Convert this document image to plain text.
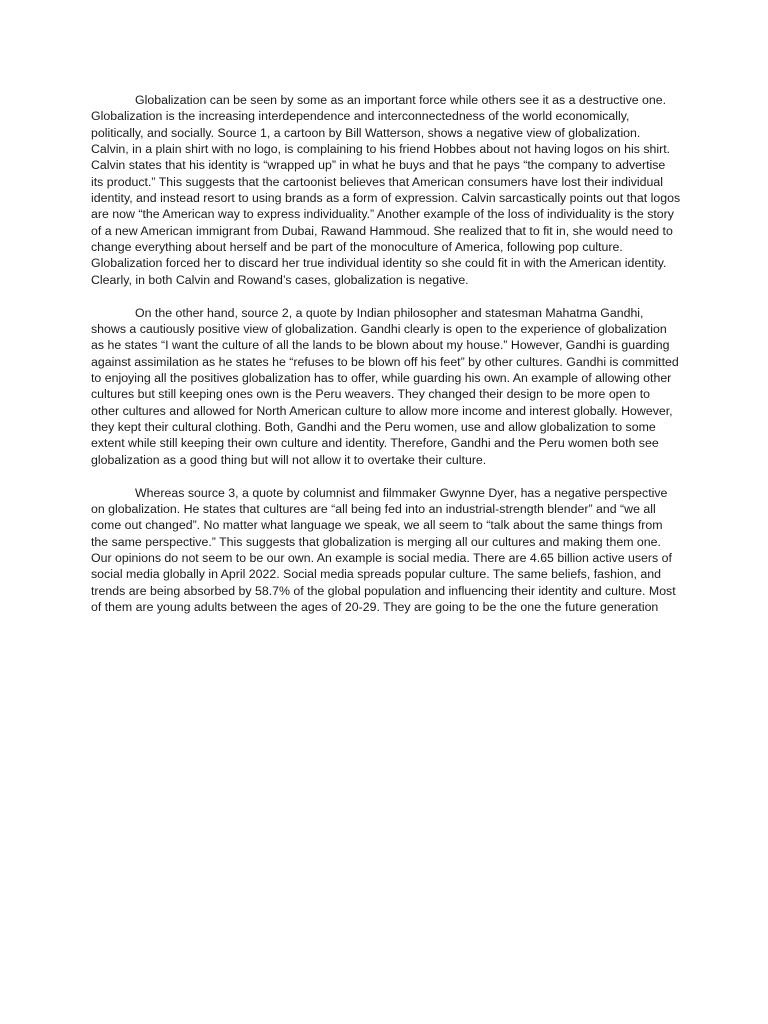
Globalization can be seen by some as an important force while others see it as a destructive one. Globalization is the increasing interdependence and interconnectedness of the world economically, politically, and socially. Source 1, a cartoon by Bill Watterson, shows a negative view of globalization. Calvin, in a plain shirt with no logo, is complaining to his friend Hobbes about not having logos on his shirt. Calvin states that his identity is “wrapped up” in what he buys and that he pays “the company to advertise its product.” This suggests that the cartoonist believes that American consumers have lost their individual identity, and instead resort to using brands as a form of expression. Calvin sarcastically points out that logos are now “the American way to express individuality.” Another example of the loss of individuality is the story of a new American immigrant from Dubai, Rawand Hammoud. She realized that to fit in, she would need to change everything about herself and be part of the monoculture of America, following pop culture. Globalization forced her to discard her true individual identity so she could fit in with the American identity. Clearly, in both Calvin and Rowand’s cases, globalization is negative.

On the other hand, source 2, a quote by Indian philosopher and statesman Mahatma Gandhi, shows a cautiously positive view of globalization. Gandhi clearly is open to the experience of globalization as he states “I want the culture of all the lands to be blown about my house.” However, Gandhi is guarding against assimilation as he states he “refuses to be blown off his feet” by other cultures. Gandhi is committed to enjoying all the positives globalization has to offer, while guarding his own. An example of allowing other cultures but still keeping ones own is the Peru weavers. They changed their design to be more open to other cultures and allowed for North American culture to allow more income and interest globally. However, they kept their cultural clothing. Both, Gandhi and the Peru women, use and allow globalization to some extent while still keeping their own culture and identity. Therefore, Gandhi and the Peru women both see globalization as a good thing but will not allow it to overtake their culture.

Whereas source 3, a quote by columnist and filmmaker Gwynne Dyer, has a negative perspective on globalization. He states that cultures are “all being fed into an industrial-strength blender” and “we all come out changed”. No matter what language we speak, we all seem to “talk about the same things from the same perspective.” This suggests that globalization is merging all our cultures and making them one. Our opinions do not seem to be our own. An example is social media. There are 4.65 billion active users of social media globally in April 2022. Social media spreads popular culture. The same beliefs, fashion, and trends are being absorbed by 58.7% of the global population and influencing their identity and culture. Most of them are young adults between the ages of 20-29. They are going to be the one the future generation
